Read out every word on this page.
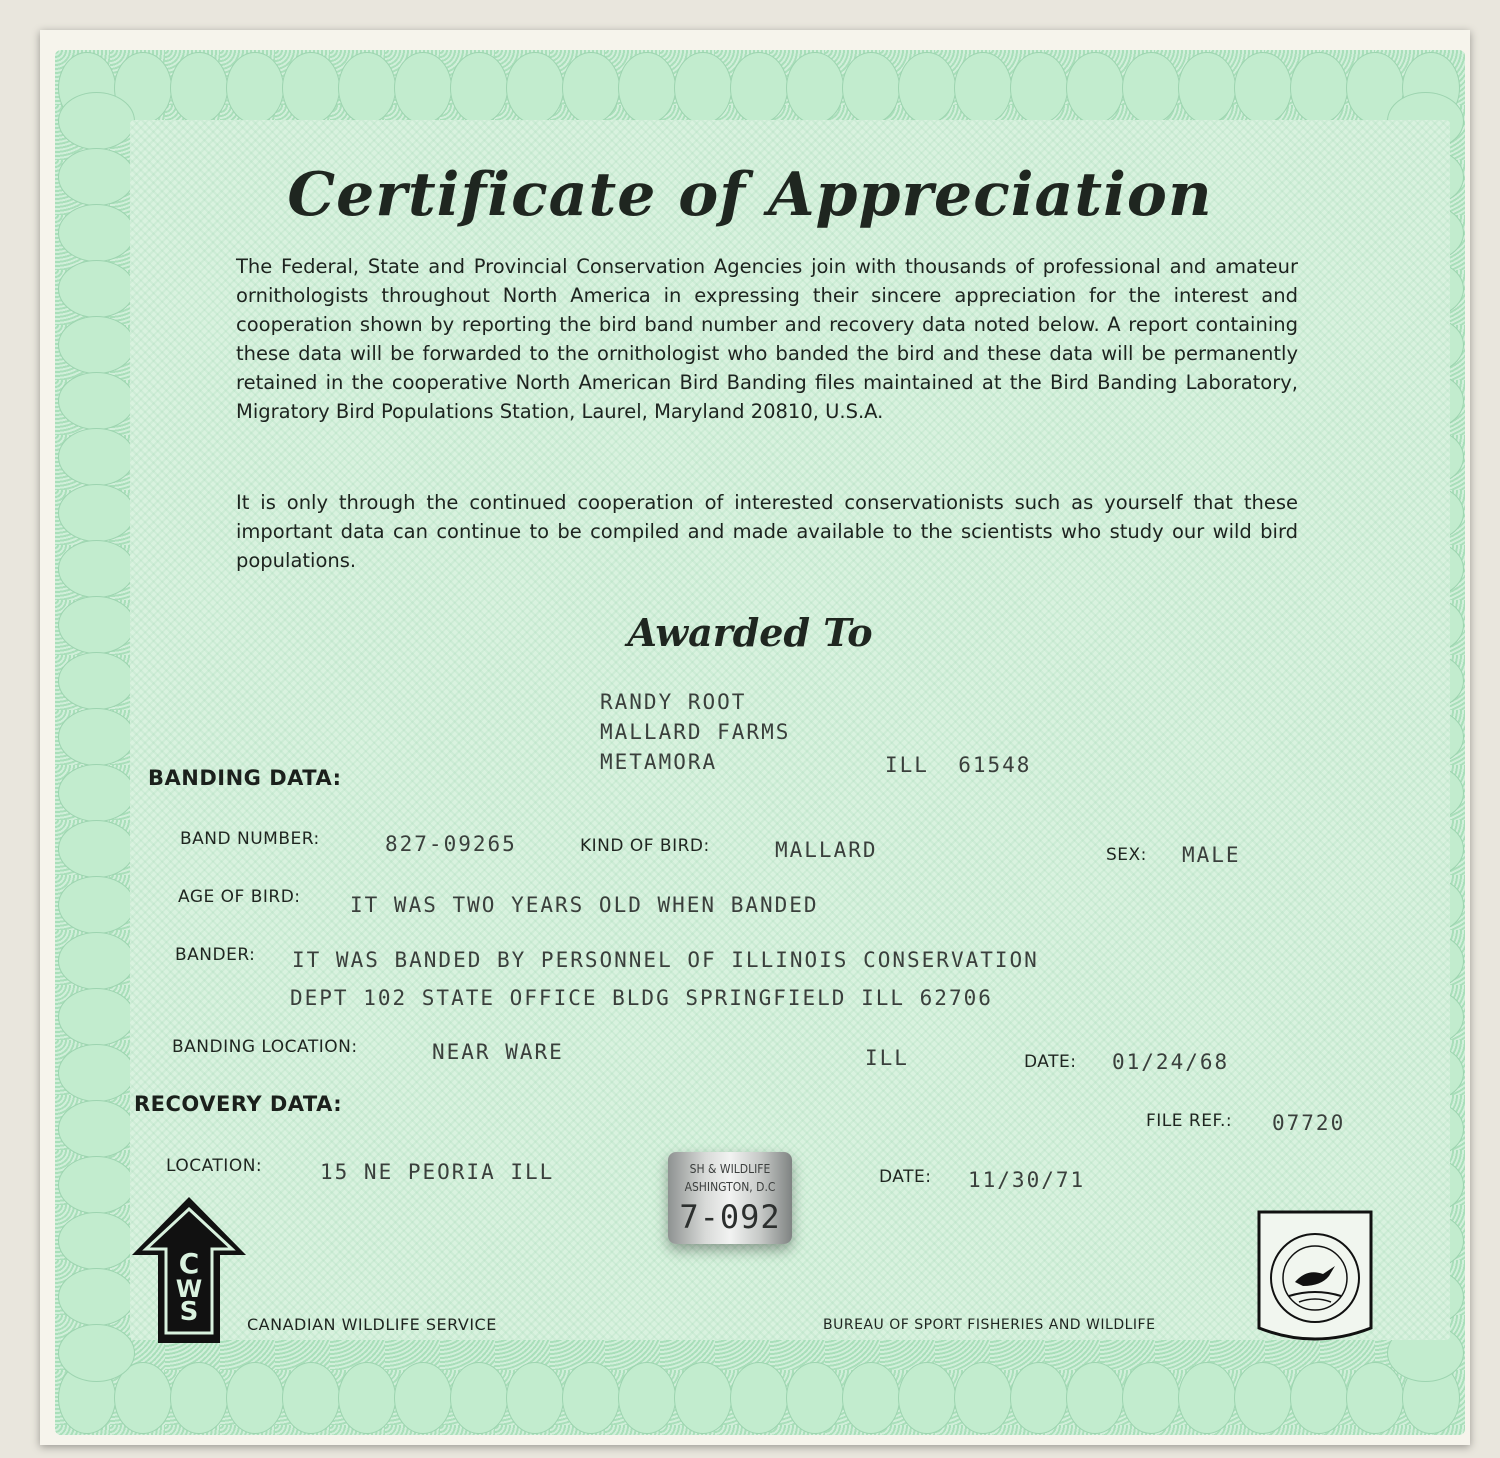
Certificate of Appreciation
The Federal, State and Provincial Conservation Agencies join with thousands of professional and amateur ornithologists throughout North America in expressing their sincere appreciation for the interest and cooperation shown by reporting the bird band number and recovery data noted below. A report containing these data will be forwarded to the ornithologist who banded the bird and these data will be permanently retained in the cooperative North American Bird Banding files maintained at the Bird Banding Laboratory, Migratory Bird Populations Station, Laurel, Maryland 20810, U.S.A.
It is only through the continued cooperation of interested conservationists such as yourself that these important data can continue to be compiled and made available to the scientists who study our wild bird populations.
Awarded To
RANDY ROOT
MALLARD FARMS
METAMORA	ILL  61548
BANDING DATA:
BAND NUMBER:	827-09265	KIND OF BIRD:	MALLARD	SEX: MALE
AGE OF BIRD: IT WAS TWO YEARS OLD WHEN BANDED
BANDER: IT WAS BANDED BY PERSONNEL OF ILLINOIS CONSERVATION
DEPT 102 STATE OFFICE BLDG SPRINGFIELD ILL 62706
BANDING LOCATION:	NEAR WARE	ILL	DATE: 01/24/68
RECOVERY DATA:
FILE REF.: 07720
LOCATION:	15 NE PEORIA ILL	DATE: 11/30/71
SH & WILDLIFE
ASHINGTON, D.C
7-092
C
W
S	CANADIAN WILDLIFE SERVICE	BUREAU OF SPORT FISHERIES AND WILDLIFE
